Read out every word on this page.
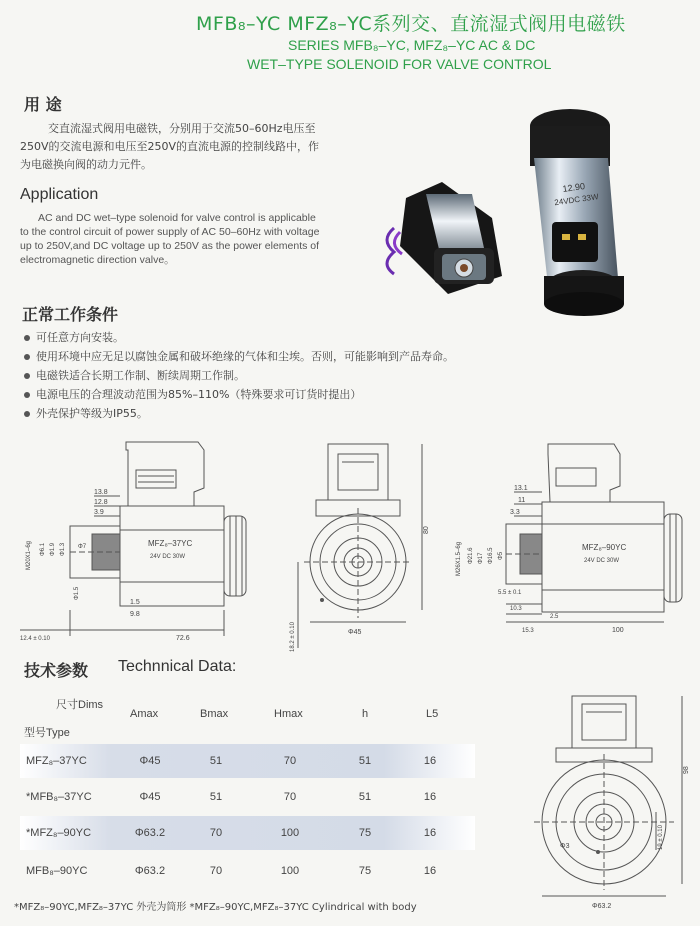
MFB₈–YC MFZ₈–YC系列交、直流湿式阀用电磁铁
SERIES MFB₈–YC, MFZ₈–YC AC & DC
WET–TYPE SOLENOID FOR VALVE CONTROL
用 途
交直流湿式阀用电磁铁，分别用于交流50–60Hz电压至
250V的交流电源和电压至250V的直流电源的控制线路中，作
为电磁换向阀的动力元件。
Application
AC and DC wet–type solenoid for valve control is applicable
to the control circuit of power supply of AC 50–60Hz with voltage
up to 250V,and DC voltage up to 250V as the power elements of
electromagnetic direction valve。
12.90
24VDC 33W
正常工作条件
可任意方向安装。
使用环境中应无足以腐蚀金属和破坏绝缘的气体和尘埃。否则，可能影响到产品寿命。
电磁铁适合长期工作制、断续周期工作制。
电源电压的合理波动范围为85%–110%（特殊要求可订货时提出）
外壳保护等级为IP55。
13.8
12.8
3.9
M20X1–6g Φ6.1 Φ1.9 Φ1.3 Φ7	MFZ₈–37YC
24V DC 30W
Φ1.5
1.5
9.8
12.4 ± 0.10	72.6
80
Φ45
18.2 ± 0.10
13.1
11
3.3
M26X1.5–6g Φ21.6 Φ17 Φ16.5 Φ5
MFZ₈–90YC
24V DC 30W
5.5 ± 0.1
10.3
2.5
15.3	100
技术参数 Technnical Data:
尺寸Dims
型号Type
Amax	Bmax	Hmax	h	L5
MFZ₈–37YC	Φ45	51	70	51	16
*MFB₈–37YC	Φ45	51	70	51	16
*MFZ₈–90YC	Φ63.2	70	100	75	16
MFB₈–90YC	Φ63.2	70	100	75	16
*MFZ₈–90YC,MFZ₈–37YC 外壳为筒形 *MFZ₈–90YC,MFZ₈–37YC Cylindrical with body
98
19 ± 0.10
Φ3
Φ63.2
